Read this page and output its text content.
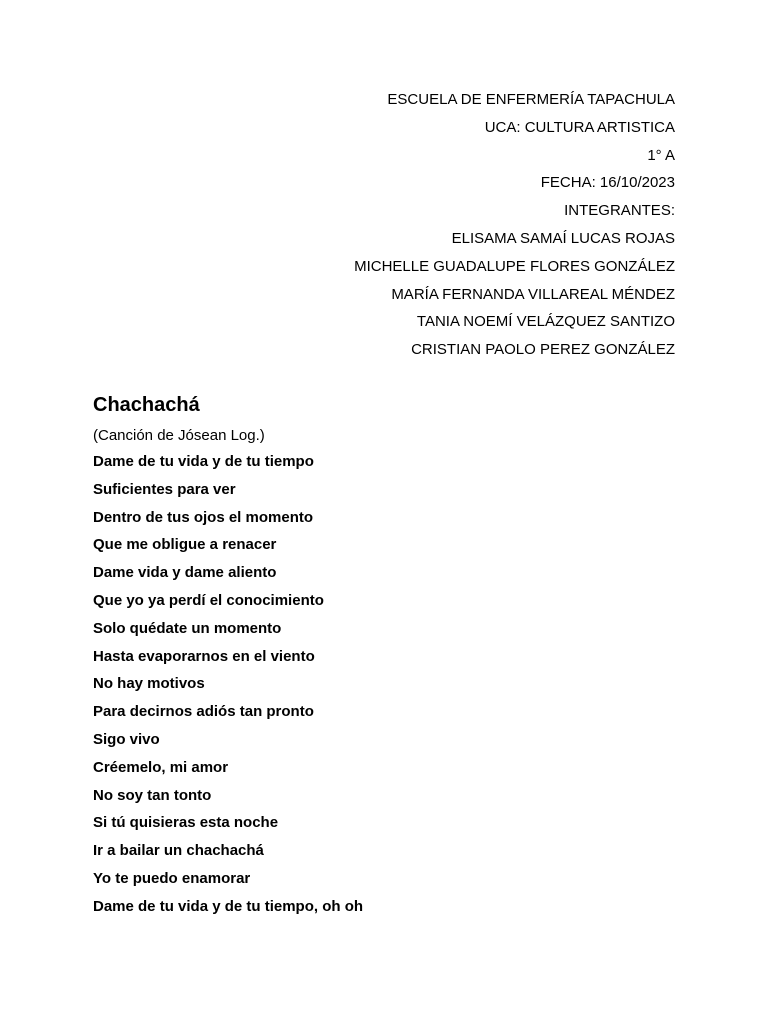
ESCUELA DE ENFERMERÍA TAPACHULA
UCA: CULTURA ARTISTICA
1° A
FECHA: 16/10/2023
INTEGRANTES:
ELISAMA SAMAÍ LUCAS ROJAS
MICHELLE GUADALUPE FLORES GONZÁLEZ
MARÍA FERNANDA VILLAREAL MÉNDEZ
TANIA NOEMÍ VELÁZQUEZ SANTIZO
CRISTIAN PAOLO PEREZ GONZÁLEZ
Chachachá
(Canción de Jósean Log.)
Dame de tu vida y de tu tiempo
Suficientes para ver
Dentro de tus ojos el momento
Que me obligue a renacer
Dame vida y dame aliento
Que yo ya perdí el conocimiento
Solo quédate un momento
Hasta evaporarnos en el viento
No hay motivos
Para decirnos adiós tan pronto
Sigo vivo
Créemelo, mi amor
No soy tan tonto
Si tú quisieras esta noche
Ir a bailar un chachachá
Yo te puedo enamorar
Dame de tu vida y de tu tiempo, oh oh
